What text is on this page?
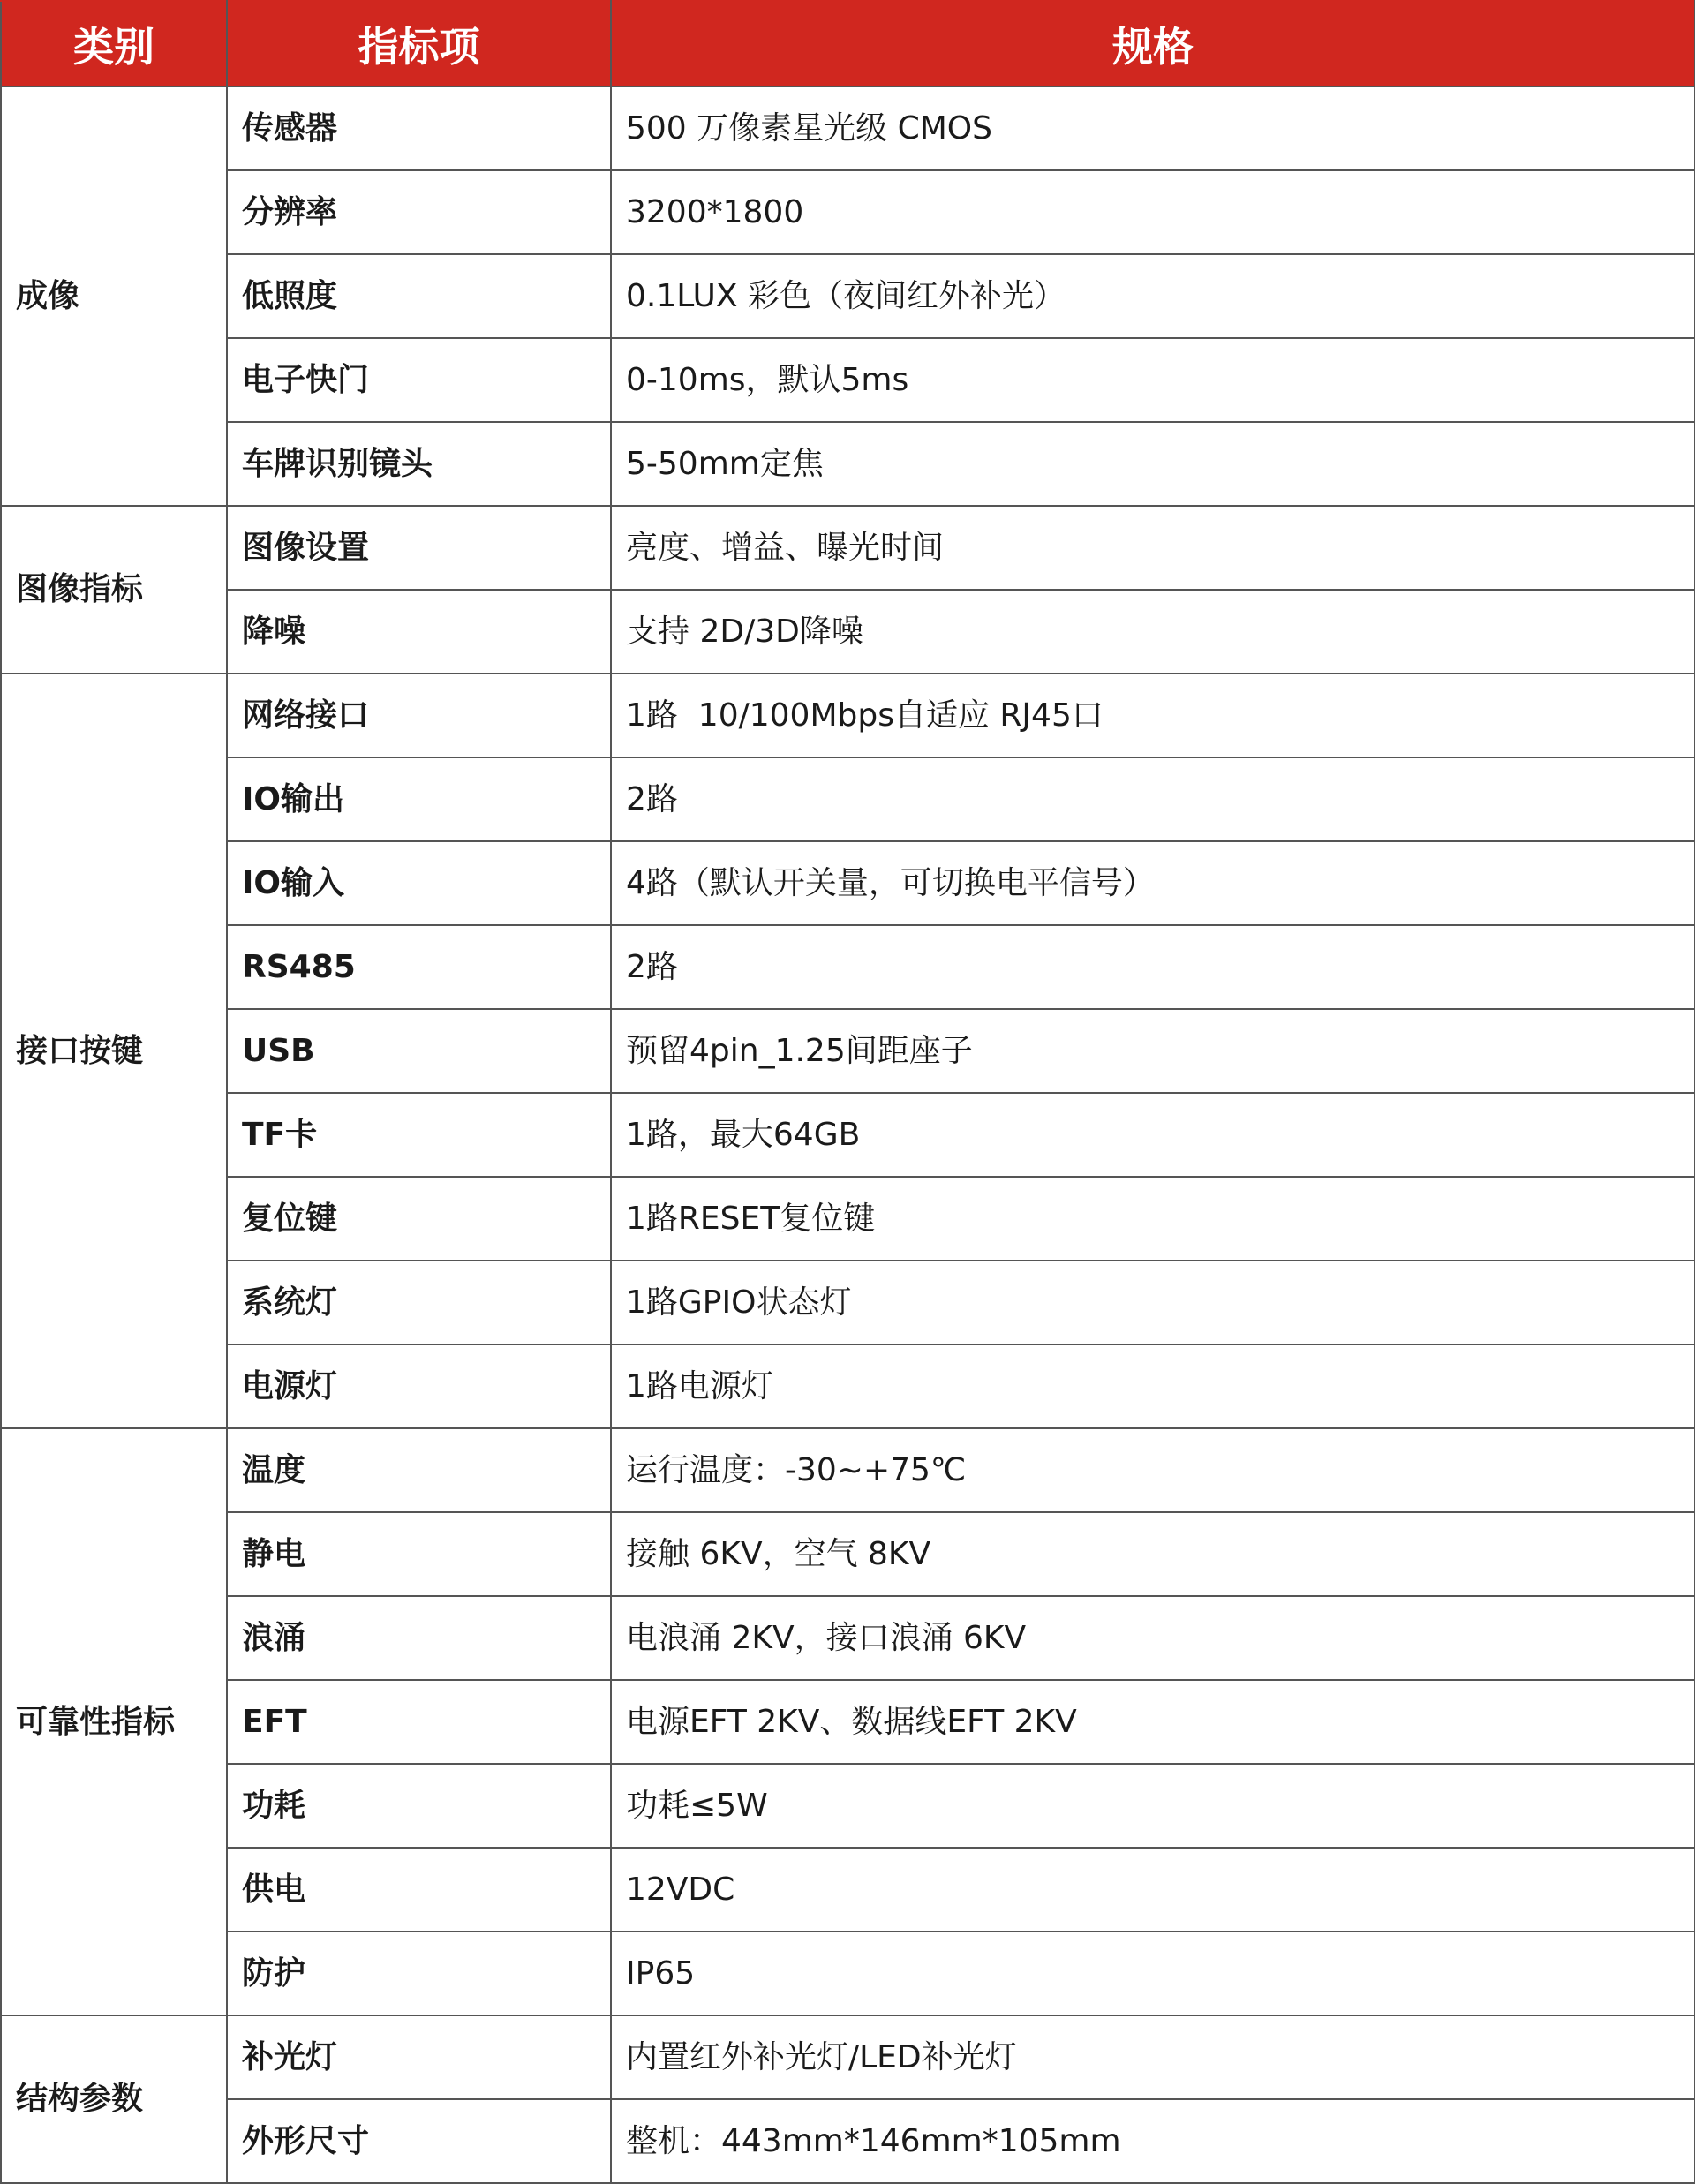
类别	指标项	规格
成像	传感器	500 万像素星光级 CMOS
	分辨率	3200*1800
	低照度	0.1LUX 彩色（夜间红外补光）
	电子快门	0-10ms，默认5ms
	车牌识别镜头	5-50mm定焦
图像指标	图像设置	亮度、增益、曝光时间
	降噪	支持 2D/3D降噪
接口按键	网络接口	1路  10/100Mbps自适应 RJ45口
	IO输出	2路
	IO输入	4路（默认开关量，可切换电平信号）
	RS485	2路
	USB	预留4pin_1.25间距座子
	TF卡	1路，最大64GB
	复位键	1路RESET复位键
	系统灯	1路GPIO状态灯
	电源灯	1路电源灯
可靠性指标	温度	运行温度：-30~+75℃
	静电	接触 6KV，空气 8KV
	浪涌	电浪涌 2KV，接口浪涌 6KV
	EFT	电源EFT 2KV、数据线EFT 2KV
	功耗	功耗≤5W
	供电	12VDC
	防护	IP65
结构参数	补光灯	内置红外补光灯/LED补光灯
	外形尺寸	整机：443mm*146mm*105mm
